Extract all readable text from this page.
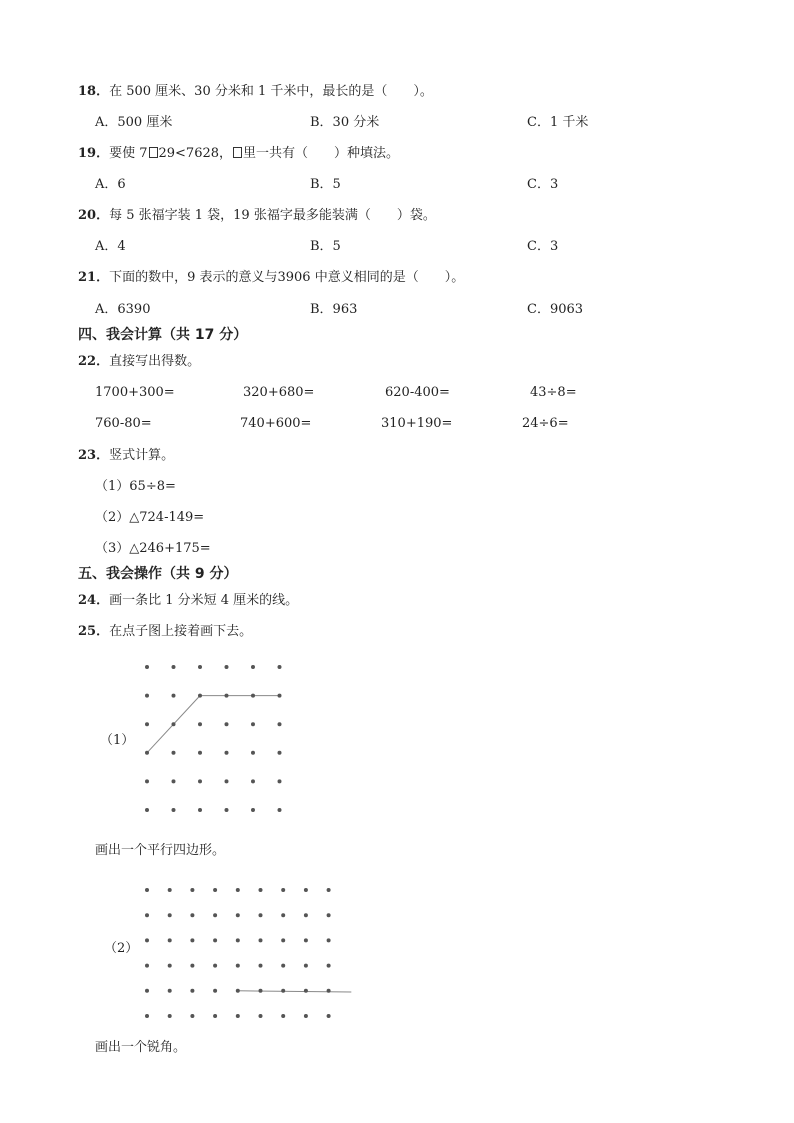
18．在 500 厘米、30 分米和 1 千米中，最长的是（　　）。
A．500 厘米	B．30 分米	C．1 千米
19．要使 7 29<7628， 里一共有（　　）种填法。
A．6	B．5	C．3
20．每 5 张福字装 1 袋，19 张福字最多能装满（　　）袋。
A．4	B．5	C．3
21．下面的数中，9 表示的意义与3906 中意义相同的是（　　）。
A．6390	B．963	C．9063
四、我会计算（共 17 分）
22．直接写出得数。
1700+300=	320+680=	620-400=	43÷8=
760-80=	740+600=	310+190=	24÷6=
23．竖式计算。
（1）65÷8=
（2）△724-149=
（3）△246+175=
五、我会操作（共 9 分）
24．画一条比 1 分米短 4 厘米的线。
25．在点子图上接着画下去。
（1）
画出一个平行四边形。
（2）
画出一个锐角。
